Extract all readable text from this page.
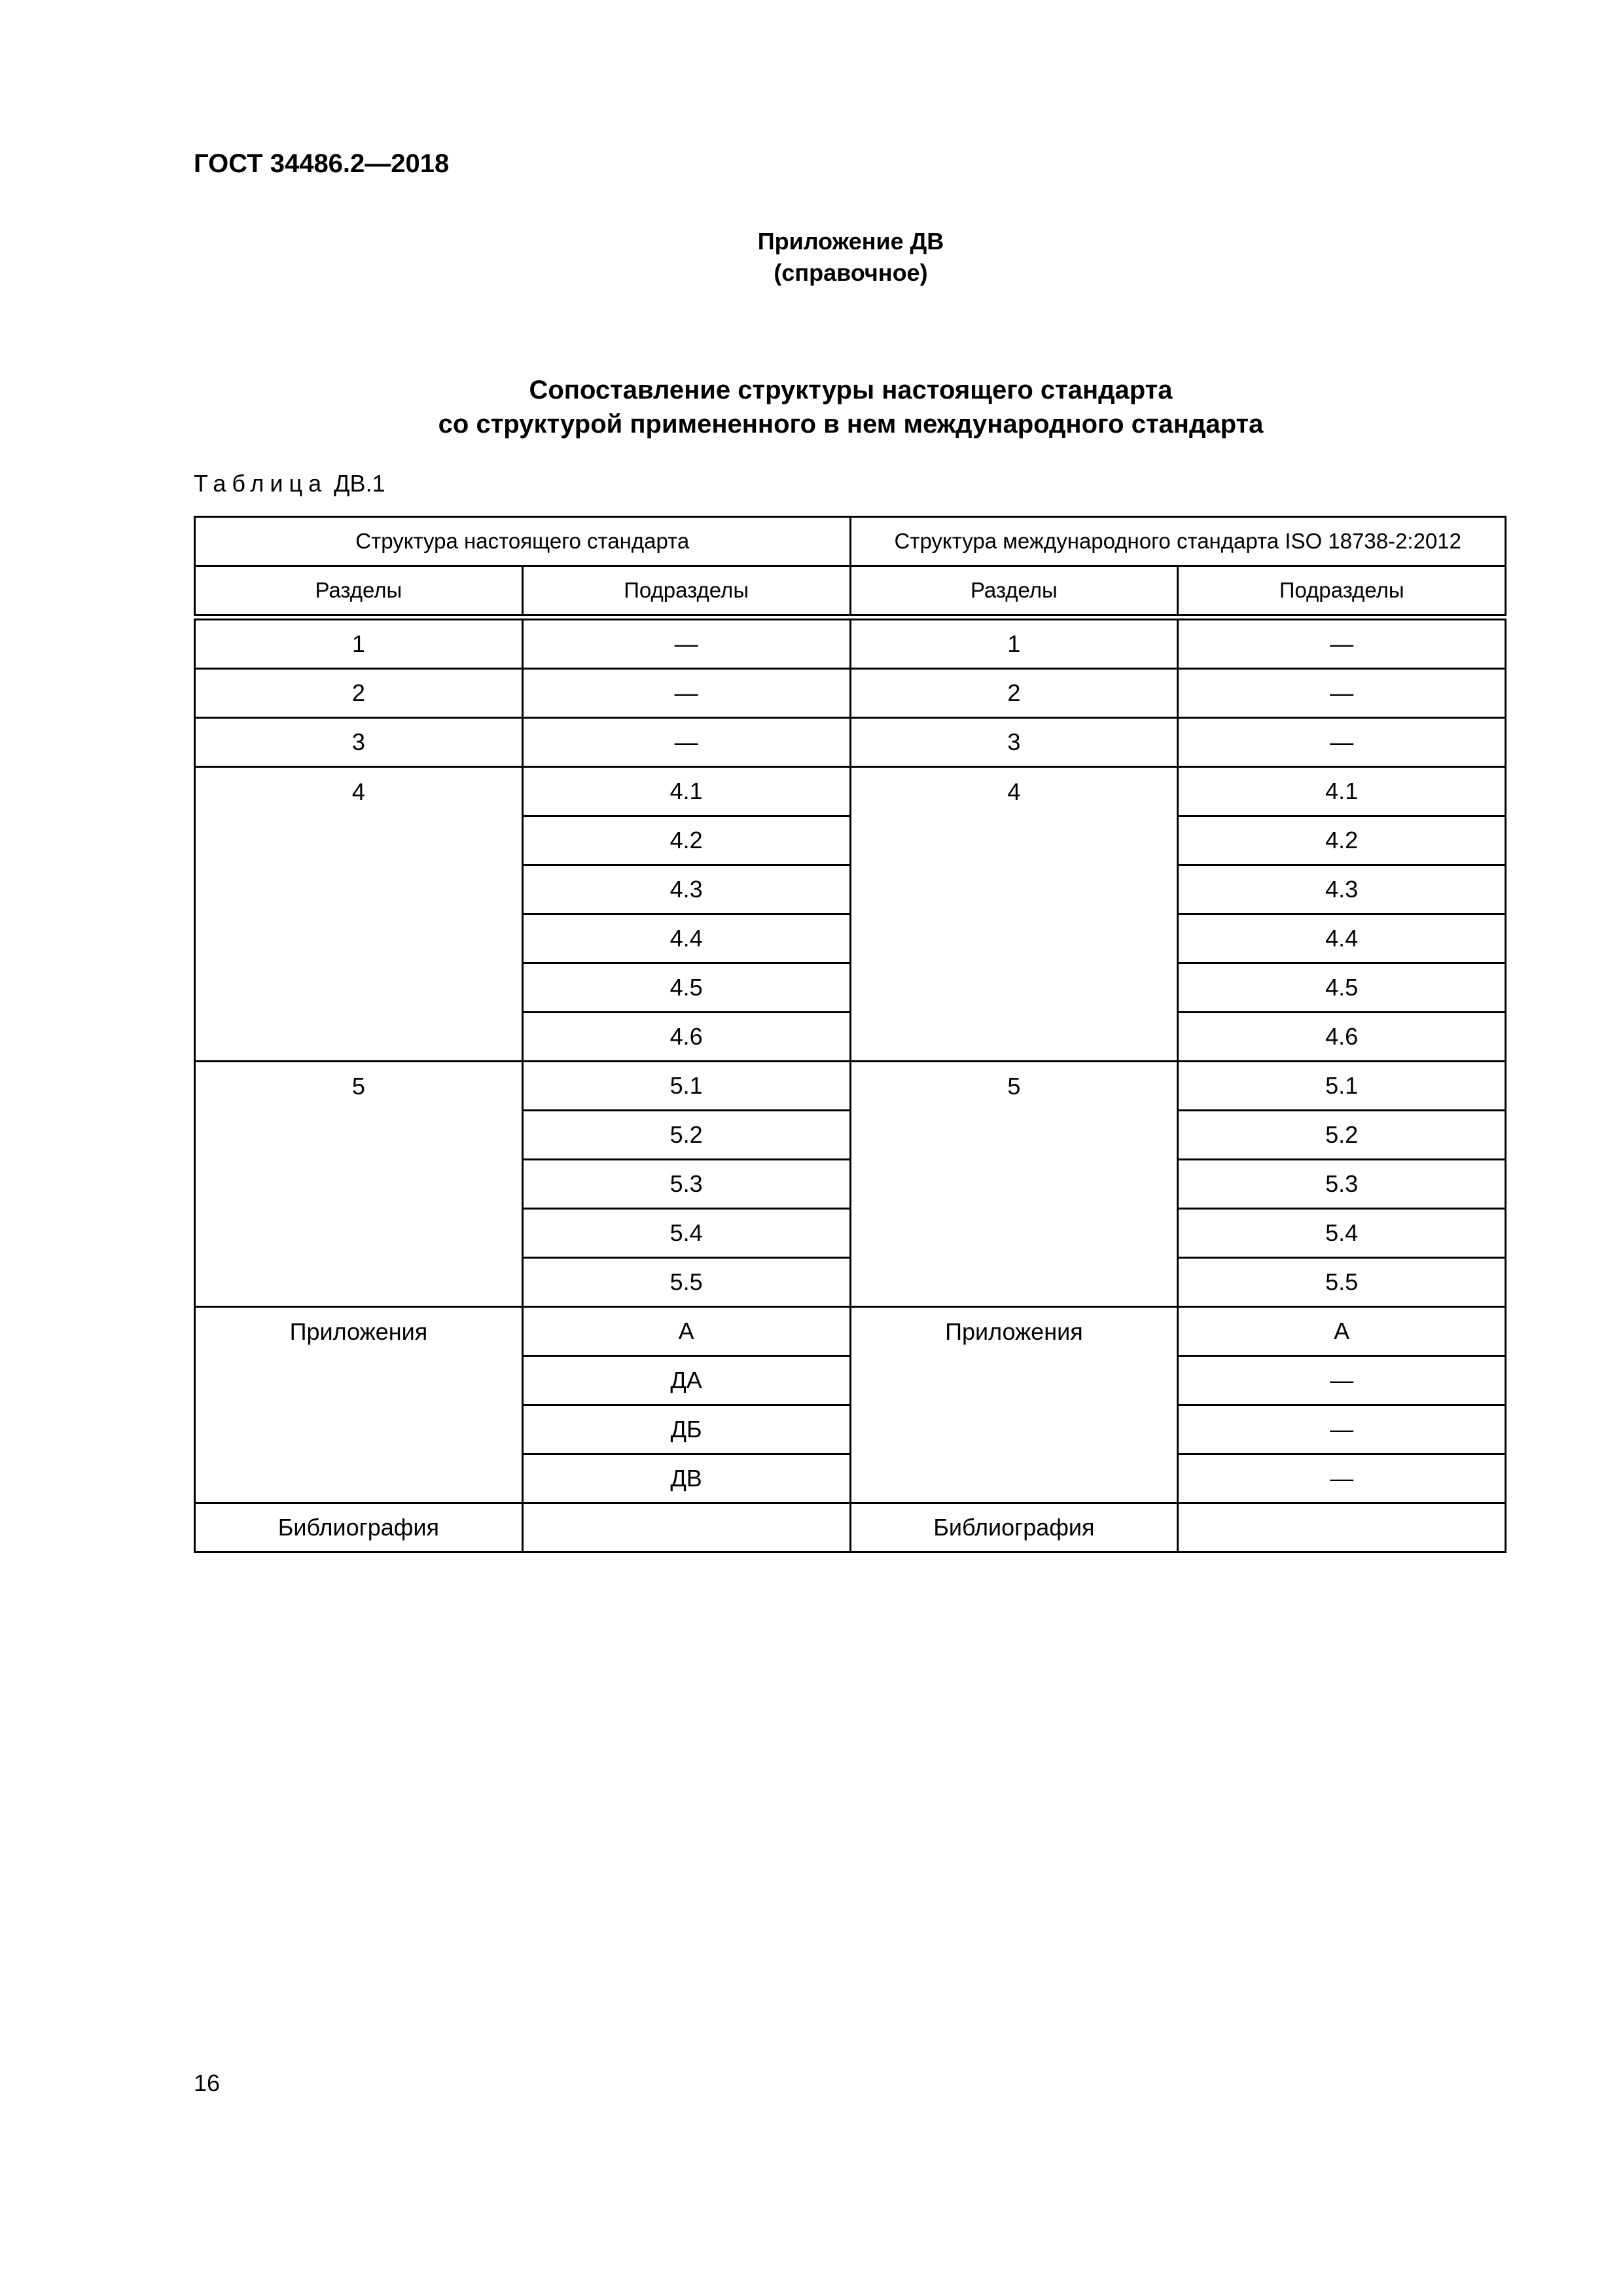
ГОСТ 34486.2—2018
Приложение ДВ
(справочное)
Сопоставление структуры настоящего стандарта
со структурой примененного в нем международного стандарта
Таблица ДВ.1
Структура настоящего стандарта		Структура международного стандарта ISO 18738-2:2012	
Разделы	Подразделы	Разделы	Подразделы
1	—	1	—
2	—	2	—
3	—	3	—
4	4.1	4	4.1
	4.2		4.2
	4.3		4.3
	4.4		4.4
	4.5		4.5
	4.6		4.6
5	5.1	5	5.1
	5.2		5.2
	5.3		5.3
	5.4		5.4
	5.5		5.5
Приложения	А	Приложения	А
	ДА		—
	ДБ		—
	ДВ		—
Библиография		Библиография	
16
